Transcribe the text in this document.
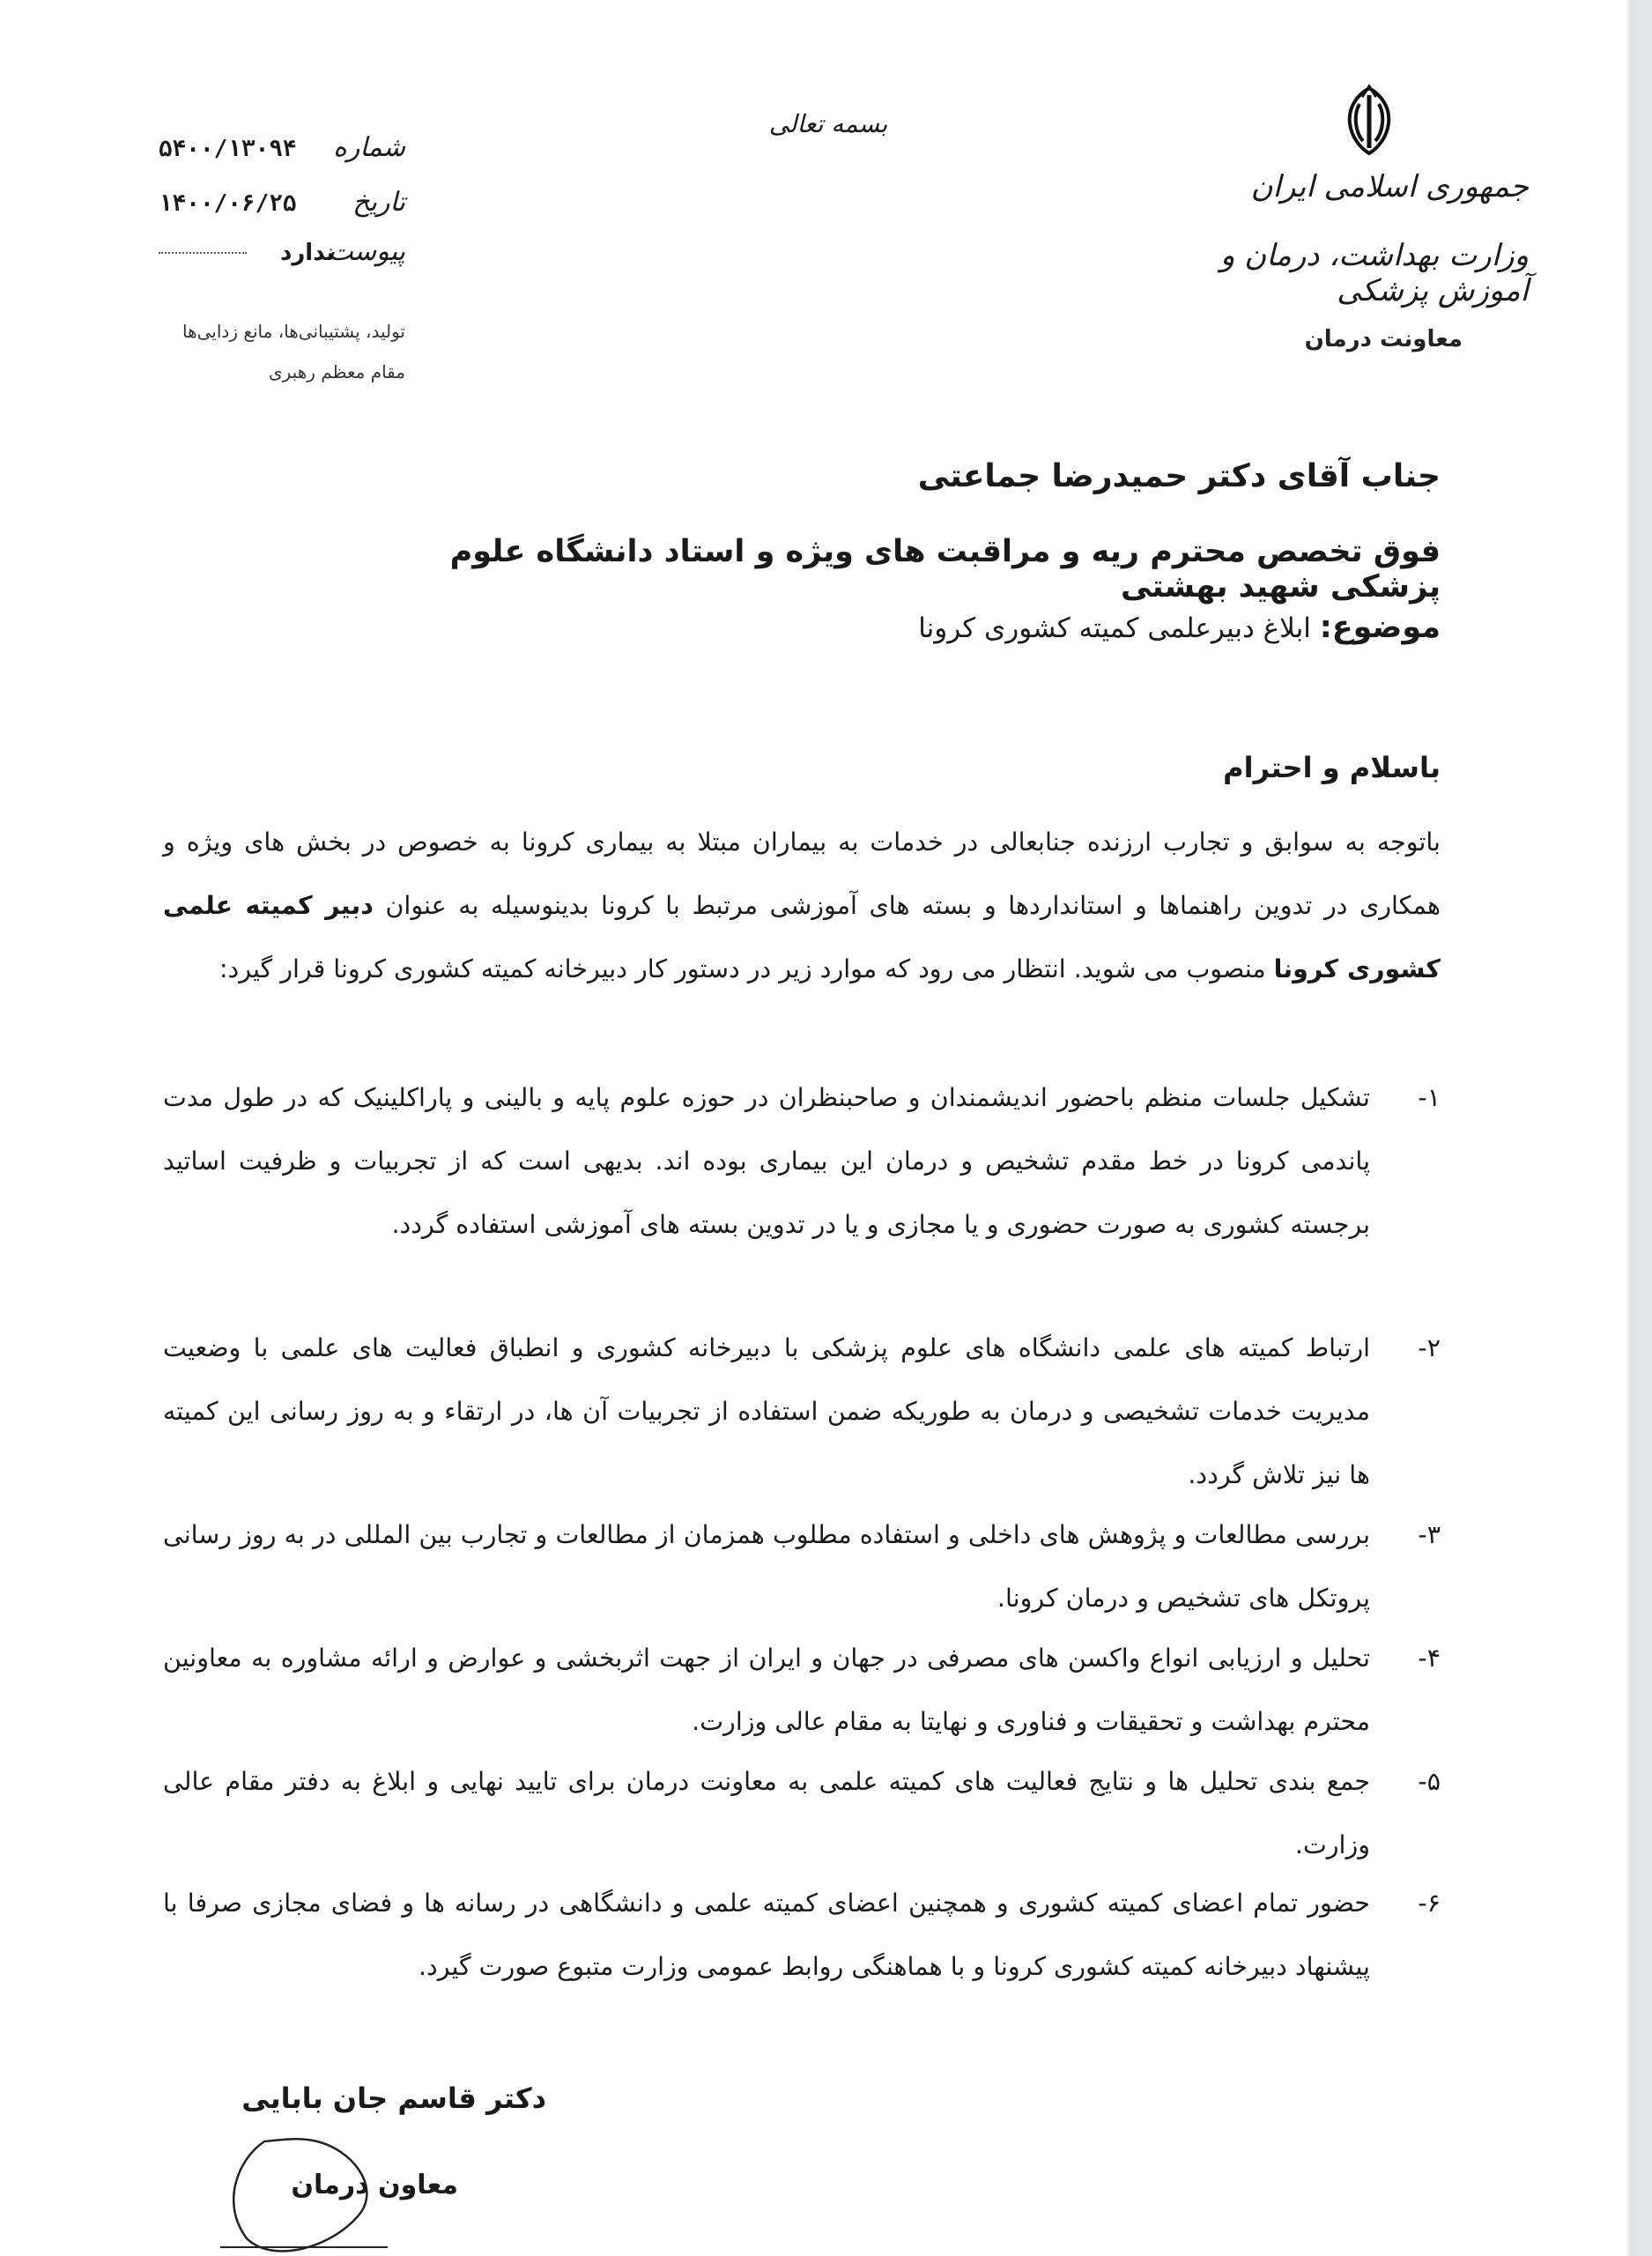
جمهوری اسلامی ایران
وزارت بهداشت، درمان و آموزش پزشکی
معاونت درمان
بسمه تعالی
شماره
۵۴۰۰/۱۳۰۹۴
تاریخ
۱۴۰۰/۰۶/۲۵
پیوست
ندارد
تولید، پشتیبانی‌ها، مانع زدایی‌ها
مقام معظم رهبری
جناب آقای دکتر حمیدرضا جماعتی
فوق تخصص محترم ریه و مراقبت های ویژه و استاد دانشگاه علوم پزشکی شهید بهشتی
موضوع: ابلاغ دبیرعلمی کمیته کشوری کرونا
باسلام و احترام
باتوجه به سوابق و تجارب ارزنده جنابعالی در خدمات به بیماران مبتلا به بیماری کرونا به خصوص در بخش های ویژه و همکاری در تدوین راهنماها و استانداردها و بسته های آموزشی مرتبط با کرونا بدینوسیله به عنوان دبیر کمیته علمی کشوری کرونا منصوب می شوید. انتظار می رود که موارد زیر در دستور کار دبیرخانه کمیته کشوری کرونا قرار گیرد:
۱-
تشکیل جلسات منظم باحضور اندیشمندان و صاحبنظران در حوزه علوم پایه و بالینی و پاراکلینیک که در طول مدت پاندمی کرونا در خط مقدم تشخیص و درمان این بیماری بوده اند. بدیهی است که از تجربیات و ظرفیت اساتید برجسته کشوری به صورت حضوری و یا مجازی و یا در تدوین بسته های آموزشی استفاده گردد.
۲-
ارتباط کمیته های علمی دانشگاه های علوم پزشکی با دبیرخانه کشوری و انطباق فعالیت های علمی با وضعیت مدیریت خدمات تشخیصی و درمان به طوریکه ضمن استفاده از تجربیات آن ها، در ارتقاء و به روز رسانی این کمیته ها نیز تلاش گردد.
۳-
بررسی مطالعات و پژوهش های داخلی و استفاده مطلوب همزمان از مطالعات و تجارب بین المللی در به روز رسانی پروتکل های تشخیص و درمان کرونا.
۴-
تحلیل و ارزیابی انواع واکسن های مصرفی در جهان و ایران از جهت اثربخشی و عوارض و ارائه مشاوره به معاونین محترم بهداشت و تحقیقات و فناوری و نهایتا به مقام عالی وزارت.
۵-
جمع بندی تحلیل ها و نتایج فعالیت های کمیته علمی به معاونت درمان برای تایید نهایی و ابلاغ به دفتر مقام عالی وزارت.
۶-
حضور تمام اعضای کمیته کشوری و همچنین اعضای کمیته علمی و دانشگاهی در رسانه ها و فضای مجازی صرفا با پیشنهاد دبیرخانه کمیته کشوری کرونا و با هماهنگی روابط عمومی وزارت متبوع صورت گیرد.
دکتر قاسم جان بابایی
معاون درمان
